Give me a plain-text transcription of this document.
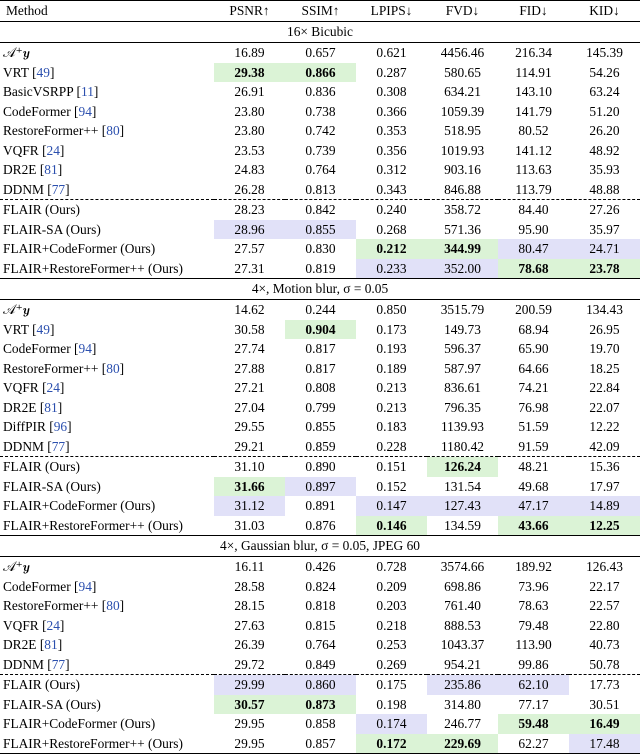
Method	PSNR↑	SSIM↑	LPIPS↓	FVD↓	FID↓	KID↓
16× Bicubic						
𝒜⁺𝒚	16.89	0.657	0.621	4456.46	216.34	145.39
VRT [49]	29.38	0.866	0.287	580.65	114.91	54.26
BasicVSRPP [11]	26.91	0.836	0.308	634.21	143.10	63.24
CodeFormer [94]	23.80	0.738	0.366	1059.39	141.79	51.20
RestoreFormer++ [80]	23.80	0.742	0.353	518.95	80.52	26.20
VQFR [24]	23.53	0.739	0.356	1019.93	141.12	48.92
DR2E [81]	24.83	0.764	0.312	903.16	113.63	35.93
DDNM [77]	26.28	0.813	0.343	846.88	113.79	48.88
FLAIR (Ours)	28.23	0.842	0.240	358.72	84.40	27.26
FLAIR-SA (Ours)	28.96	0.855	0.268	571.36	95.90	35.97
FLAIR+CodeFormer (Ours)	27.57	0.830	0.212	344.99	80.47	24.71
FLAIR+RestoreFormer++ (Ours)	27.31	0.819	0.233	352.00	78.68	23.78
4×, Motion blur, σ = 0.05						
𝒜⁺𝒚	14.62	0.244	0.850	3515.79	200.59	134.43
VRT [49]	30.58	0.904	0.173	149.73	68.94	26.95
CodeFormer [94]	27.74	0.817	0.193	596.37	65.90	19.70
RestoreFormer++ [80]	27.88	0.817	0.189	587.97	64.66	18.25
VQFR [24]	27.21	0.808	0.213	836.61	74.21	22.84
DR2E [81]	27.04	0.799	0.213	796.35	76.98	22.07
DiffPIR [96]	29.55	0.855	0.183	1139.93	51.59	12.22
DDNM [77]	29.21	0.859	0.228	1180.42	91.59	42.09
FLAIR (Ours)	31.10	0.890	0.151	126.24	48.21	15.36
FLAIR-SA (Ours)	31.66	0.897	0.152	131.54	49.68	17.97
FLAIR+CodeFormer (Ours)	31.12	0.891	0.147	127.43	47.17	14.89
FLAIR+RestoreFormer++ (Ours)	31.03	0.876	0.146	134.59	43.66	12.25
4×, Gaussian blur, σ = 0.05, JPEG 60						
𝒜⁺𝒚	16.11	0.426	0.728	3574.66	189.92	126.43
CodeFormer [94]	28.58	0.824	0.209	698.86	73.96	22.17
RestoreFormer++ [80]	28.15	0.818	0.203	761.40	78.63	22.57
VQFR [24]	27.63	0.815	0.218	888.53	79.48	22.80
DR2E [81]	26.39	0.764	0.253	1043.37	113.90	40.73
DDNM [77]	29.72	0.849	0.269	954.21	99.86	50.78
FLAIR (Ours)	29.99	0.860	0.175	235.86	62.10	17.73
FLAIR-SA (Ours)	30.57	0.873	0.198	314.80	77.17	30.51
FLAIR+CodeFormer (Ours)	29.95	0.858	0.174	246.77	59.48	16.49
FLAIR+RestoreFormer++ (Ours)	29.95	0.857	0.172	229.69	62.27	17.48
